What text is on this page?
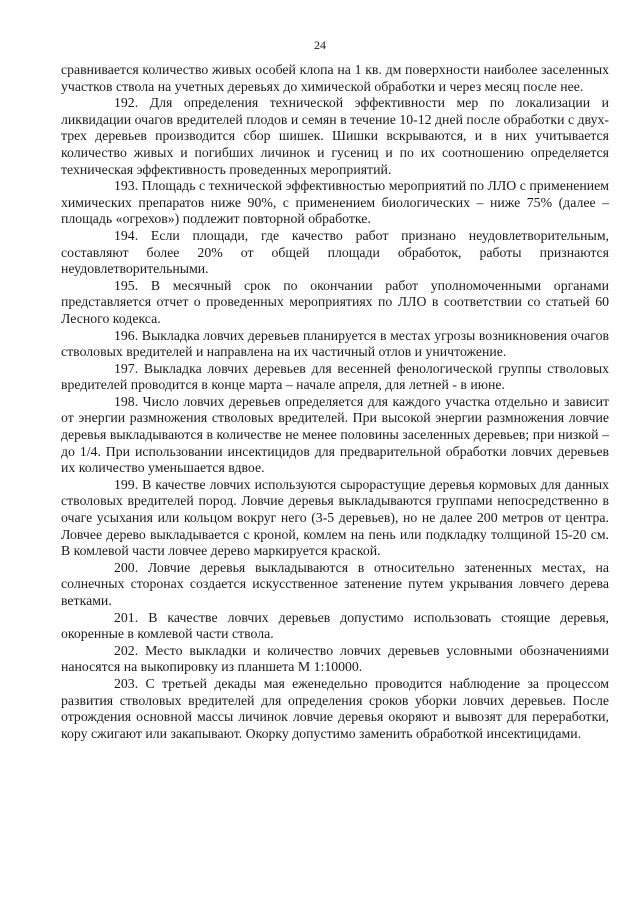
24

сравнивается количество живых особей клопа на 1 кв. дм поверхности наиболее заселенных участков ствола на учетных деревьях до химической обработки и через месяц после нее.

192. Для определения технической эффективности мер по локализации и ликвидации очагов вредителей плодов и семян в течение 10-12 дней после обработки с двух-трех деревьев производится сбор шишек. Шишки вскрываются, и в них учитывается количество живых и погибших личинок и гусениц и по их соотношению определяется техническая эффективность проведенных мероприятий.

193. Площадь с технической эффективностью мероприятий по ЛЛО с применением химических препаратов ниже 90%, с применением биологических – ниже 75% (далее – площадь «огрехов») подлежит повторной обработке.

194. Если площади, где качество работ признано неудовлетворительным, составляют более 20% от общей площади обработок, работы признаются неудовлетворительными.

195. В месячный срок по окончании работ уполномоченными органами представляется отчет о проведенных мероприятиях по ЛЛО в соответствии со статьей 60 Лесного кодекса.

196. Выкладка ловчих деревьев планируется в местах угрозы возникновения очагов стволовых вредителей и направлена на их частичный отлов и уничтожение.

197. Выкладка ловчих деревьев для весенней фенологической группы стволовых вредителей проводится в конце марта – начале апреля, для летней - в июне.

198. Число ловчих деревьев определяется для каждого участка отдельно и зависит от энергии размножения стволовых вредителей. При высокой энергии размножения ловчие деревья выкладываются в количестве не менее половины заселенных деревьев; при низкой – до 1/4. При использовании инсектицидов для предварительной обработки ловчих деревьев их количество уменьшается вдвое.

199. В качестве ловчих используются сырорастущие деревья кормовых для данных стволовых вредителей пород. Ловчие деревья выкладываются группами непосредственно в очаге усыхания или кольцом вокруг него (3-5 деревьев), но не далее 200 метров от центра. Ловчее дерево выкладывается с кроной, комлем на пень или подкладку толщиной 15-20 см. В комлевой части ловчее дерево маркируется краской.

200. Ловчие деревья выкладываются в относительно затененных местах, на солнечных сторонах создается искусственное затенение путем укрывания ловчего дерева ветками.

201. В качестве ловчих деревьев допустимо использовать стоящие деревья, окоренные в комлевой части ствола.

202. Место выкладки и количество ловчих деревьев условными обозначениями наносятся на выкопировку из планшета М 1:10000.

203. С третьей декады мая еженедельно проводится наблюдение за процессом развития стволовых вредителей для определения сроков уборки ловчих деревьев. После отрождения основной массы личинок ловчие деревья окоряют и вывозят для переработки, кору сжигают или закапывают. Окорку допустимо заменить обработкой инсектицидами.
